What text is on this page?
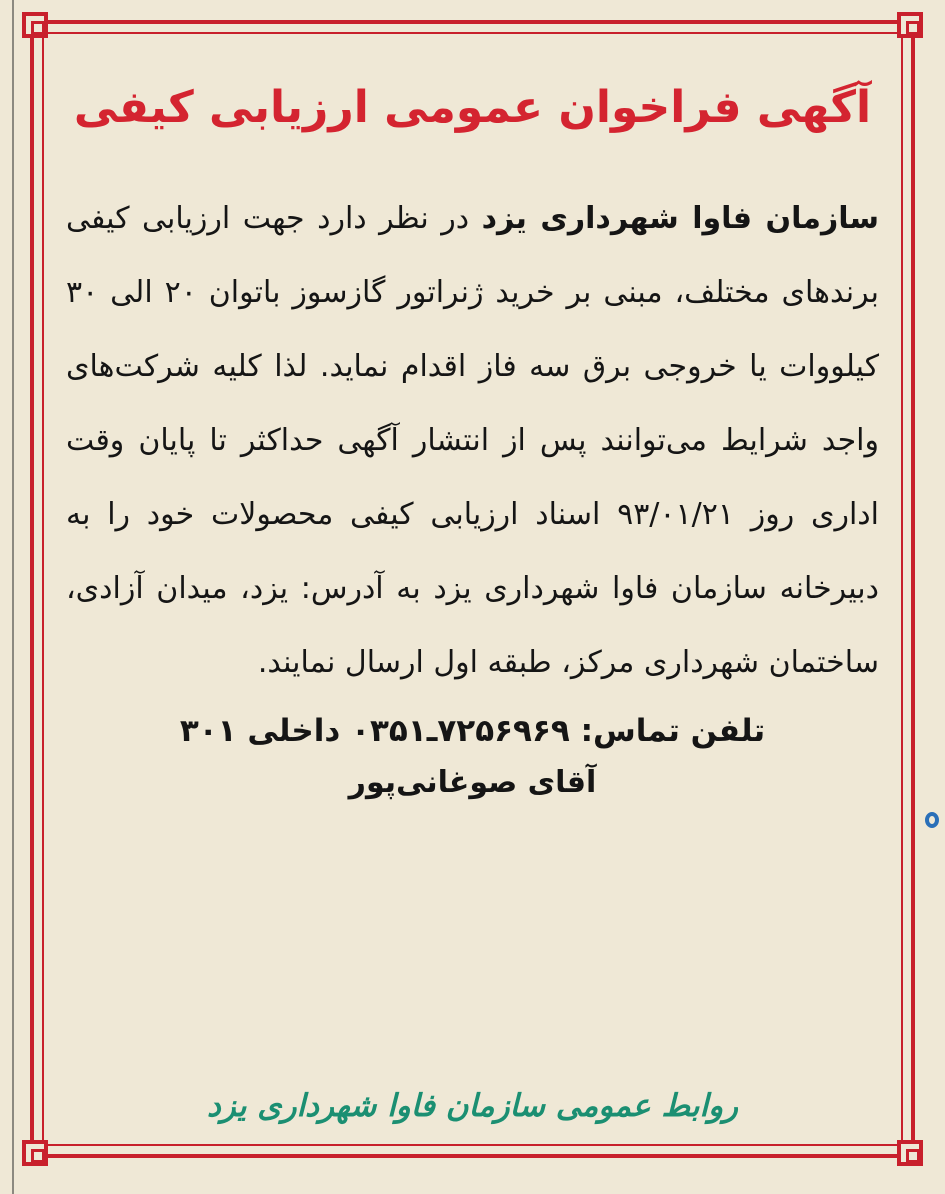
آگهی فراخوان عمومی ارزیابی کیفی

سازمان فاوا شهرداری یزد در نظر دارد جهت ارزیابی کیفی برندهای مختلف، مبنی بر خرید ژنراتور گازسوز باتوان ۲۰ الی ۳۰ کیلووات یا خروجی برق سه فاز اقدام نماید. لذا کلیه شرکت‌های واجد شرایط می‌توانند پس از انتشار آگهی حداکثر تا پایان وقت اداری روز ۹۳/۰۱/۲۱ اسناد ارزیابی کیفی محصولات خود را به دبیرخانه سازمان فاوا شهرداری یزد به آدرس: یزد، میدان آزادی، ساختمان شهرداری مرکز، طبقه اول ارسال نمایند.

تلفن تماس: ۷۲۵۶۹۶۹ـ۰۳۵۱ داخلی ۳۰۱
آقای صوغانی‌پور
روابط عمومی سازمان فاوا شهرداری یزد
